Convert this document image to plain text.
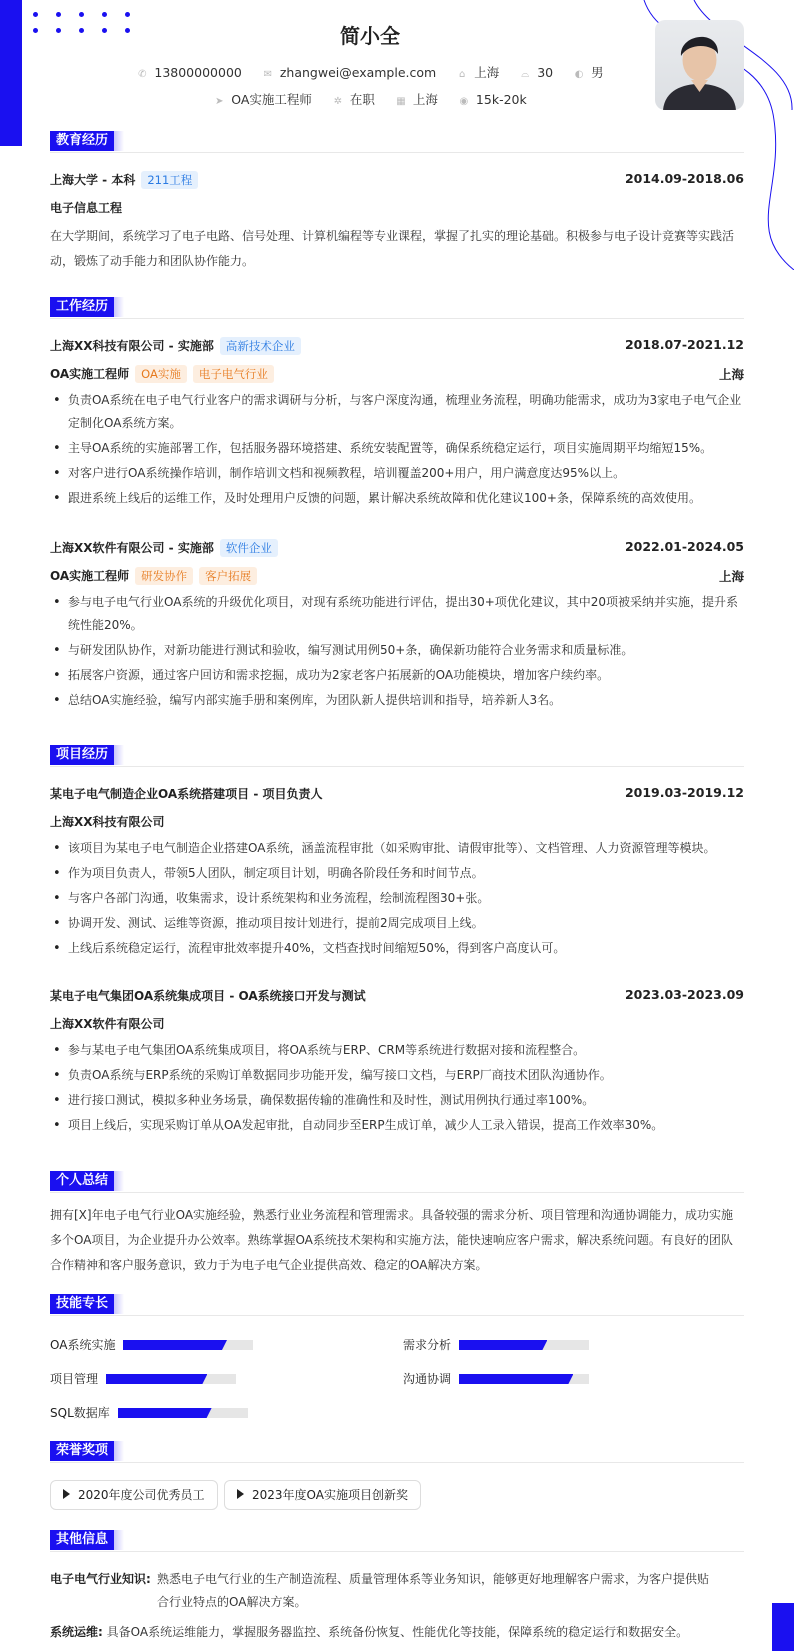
简小全
✆ 13800000000 ✉ zhangwei@example.com ⌂ 上海 ⌓ 30 ◐ 男
➤ OA实施工程师 ✲ 在职 ▦ 上海 ◉ 15k-20k
教育经历
上海大学 - 本科 211工程	2014.09-2018.06
电子信息工程
在大学期间，系统学习了电子电路、信号处理、计算机编程等专业课程，掌握了扎实的理论基础。积极参与电子设计竞赛等实践活动，锻炼了动手能力和团队协作能力。
工作经历
上海XX科技有限公司 - 实施部 高新技术企业	2018.07-2021.12
OA实施工程师 OA实施 电子电气行业	上海
• 负责OA系统在电子电气行业客户的需求调研与分析，与客户深度沟通，梳理业务流程，明确功能需求，成功为3家电子电气企业定制化OA系统方案。
• 主导OA系统的实施部署工作，包括服务器环境搭建、系统安装配置等，确保系统稳定运行，项目实施周期平均缩短15%。
• 对客户进行OA系统操作培训，制作培训文档和视频教程，培训覆盖200+用户，用户满意度达95%以上。
• 跟进系统上线后的运维工作，及时处理用户反馈的问题，累计解决系统故障和优化建议100+条，保障系统的高效使用。
上海XX软件有限公司 - 实施部 软件企业	2022.01-2024.05
OA实施工程师 研发协作 客户拓展	上海
• 参与电子电气行业OA系统的升级优化项目，对现有系统功能进行评估，提出30+项优化建议，其中20项被采纳并实施，提升系统性能20%。
• 与研发团队协作，对新功能进行测试和验收，编写测试用例50+条，确保新功能符合业务需求和质量标准。
• 拓展客户资源，通过客户回访和需求挖掘，成功为2家老客户拓展新的OA功能模块，增加客户续约率。
• 总结OA实施经验，编写内部实施手册和案例库，为团队新人提供培训和指导，培养新人3名。
项目经历
某电子电气制造企业OA系统搭建项目 - 项目负责人	2019.03-2019.12
上海XX科技有限公司
• 该项目为某电子电气制造企业搭建OA系统，涵盖流程审批（如采购审批、请假审批等）、文档管理、人力资源管理等模块。
• 作为项目负责人，带领5人团队，制定项目计划，明确各阶段任务和时间节点。
• 与客户各部门沟通，收集需求，设计系统架构和业务流程，绘制流程图30+张。
• 协调开发、测试、运维等资源，推动项目按计划进行，提前2周完成项目上线。
• 上线后系统稳定运行，流程审批效率提升40%，文档查找时间缩短50%，得到客户高度认可。
某电子电气集团OA系统集成项目 - OA系统接口开发与测试	2023.03-2023.09
上海XX软件有限公司
• 参与某电子电气集团OA系统集成项目，将OA系统与ERP、CRM等系统进行数据对接和流程整合。
• 负责OA系统与ERP系统的采购订单数据同步功能开发，编写接口文档，与ERP厂商技术团队沟通协作。
• 进行接口测试，模拟多种业务场景，确保数据传输的准确性和及时性，测试用例执行通过率100%。
• 项目上线后，实现采购订单从OA发起审批，自动同步至ERP生成订单，减少人工录入错误，提高工作效率30%。
个人总结
拥有[X]年电子电气行业OA实施经验，熟悉行业业务流程和管理需求。具备较强的需求分析、项目管理和沟通协调能力，成功实施多个OA项目，为企业提升办公效率。熟练掌握OA系统技术架构和实施方法，能快速响应客户需求，解决系统问题。有良好的团队合作精神和客户服务意识，致力于为电子电气企业提供高效、稳定的OA解决方案。
技能专长
OA系统实施	需求分析
项目管理	沟通协调
SQL数据库
荣誉奖项
2020年度公司优秀员工	2023年度OA实施项目创新奖
其他信息
电子电气行业知识: 熟悉电子电气行业的生产制造流程、质量管理体系等业务知识，能够更好地理解客户需求，为客户提供贴合行业特点的OA解决方案。
系统运维: 具备OA系统运维能力，掌握服务器监控、系统备份恢复、性能优化等技能，保障系统的稳定运行和数据安全。
